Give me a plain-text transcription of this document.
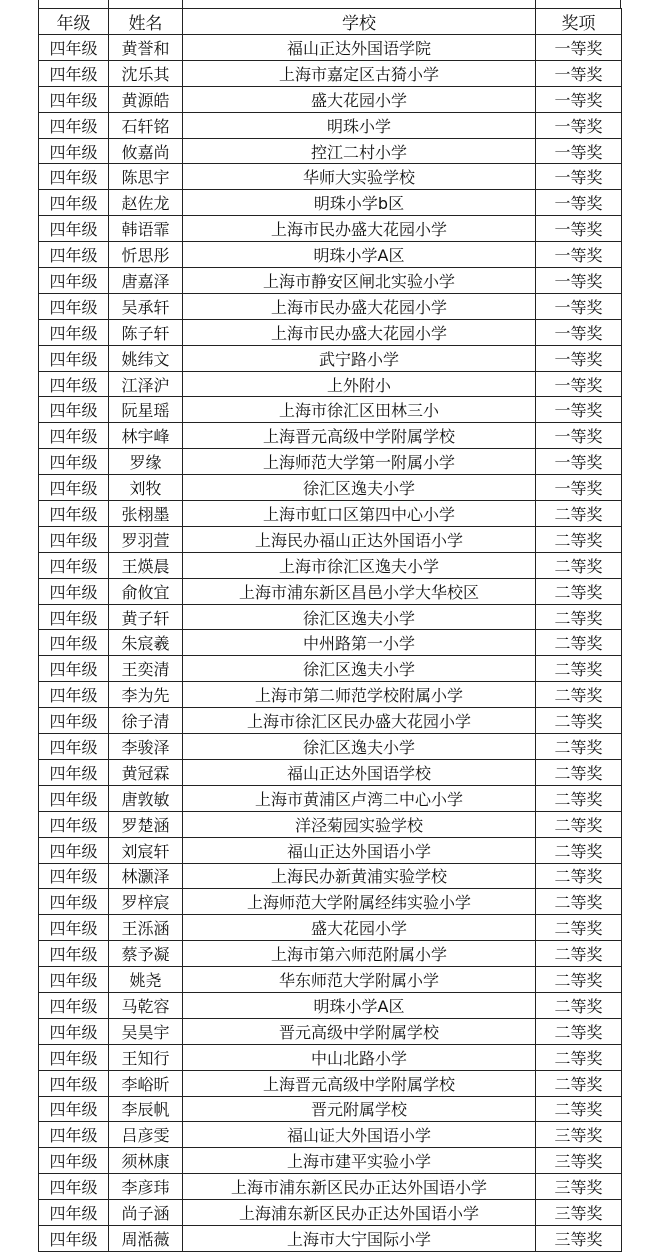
年级	姓名	学校	奖项
四年级	黄誉和	福山正达外国语学院	一等奖
四年级	沈乐其	上海市嘉定区古猗小学	一等奖
四年级	黄源皓	盛大花园小学	一等奖
四年级	石轩铭	明珠小学	一等奖
四年级	攸嘉尚	控江二村小学	一等奖
四年级	陈思宇	华师大实验学校	一等奖
四年级	赵佐龙	明珠小学b区	一等奖
四年级	韩语霏	上海市民办盛大花园小学	一等奖
四年级	忻思彤	明珠小学A区	一等奖
四年级	唐嘉泽	上海市静安区闸北实验小学	一等奖
四年级	吴承轩	上海市民办盛大花园小学	一等奖
四年级	陈子轩	上海市民办盛大花园小学	一等奖
四年级	姚纬文	武宁路小学	一等奖
四年级	江泽沪	上外附小	一等奖
四年级	阮星瑶	上海市徐汇区田林三小	一等奖
四年级	林宇峰	上海晋元高级中学附属学校	一等奖
四年级	罗缘	上海师范大学第一附属小学	一等奖
四年级	刘牧	徐汇区逸夫小学	一等奖
四年级	张栩墨	上海市虹口区第四中心小学	二等奖
四年级	罗羽萱	上海民办福山正达外国语小学	二等奖
四年级	王煐晨	上海市徐汇区逸夫小学	二等奖
四年级	俞攸宜	上海市浦东新区昌邑小学大华校区	二等奖
四年级	黄子轩	徐汇区逸夫小学	二等奖
四年级	朱宸羲	中州路第一小学	二等奖
四年级	王奕清	徐汇区逸夫小学	二等奖
四年级	李为先	上海市第二师范学校附属小学	二等奖
四年级	徐子清	上海市徐汇区民办盛大花园小学	二等奖
四年级	李骏泽	徐汇区逸夫小学	二等奖
四年级	黄冠霖	福山正达外国语学校	二等奖
四年级	唐敦敏	上海市黄浦区卢湾二中心小学	二等奖
四年级	罗楚涵	洋泾菊园实验学校	二等奖
四年级	刘宸轩	福山正达外国语小学	二等奖
四年级	林灏泽	上海民办新黄浦实验学校	二等奖
四年级	罗梓宸	上海师范大学附属经纬实验小学	二等奖
四年级	王泺涵	盛大花园小学	二等奖
四年级	蔡予凝	上海市第六师范附属小学	二等奖
四年级	姚尧	华东师范大学附属小学	二等奖
四年级	马乾容	明珠小学A区	二等奖
四年级	吴昊宇	晋元高级中学附属学校	二等奖
四年级	王知行	中山北路小学	二等奖
四年级	李峪昕	上海晋元高级中学附属学校	二等奖
四年级	李辰帆	晋元附属学校	二等奖
四年级	吕彦雯	福山证大外国语小学	三等奖
四年级	须林康	上海市建平实验小学	三等奖
四年级	李彦玮	上海市浦东新区民办正达外国语小学	三等奖
四年级	尚子涵	上海浦东新区民办正达外国语小学	三等奖
四年级	周湉薇	上海市大宁国际小学	三等奖
